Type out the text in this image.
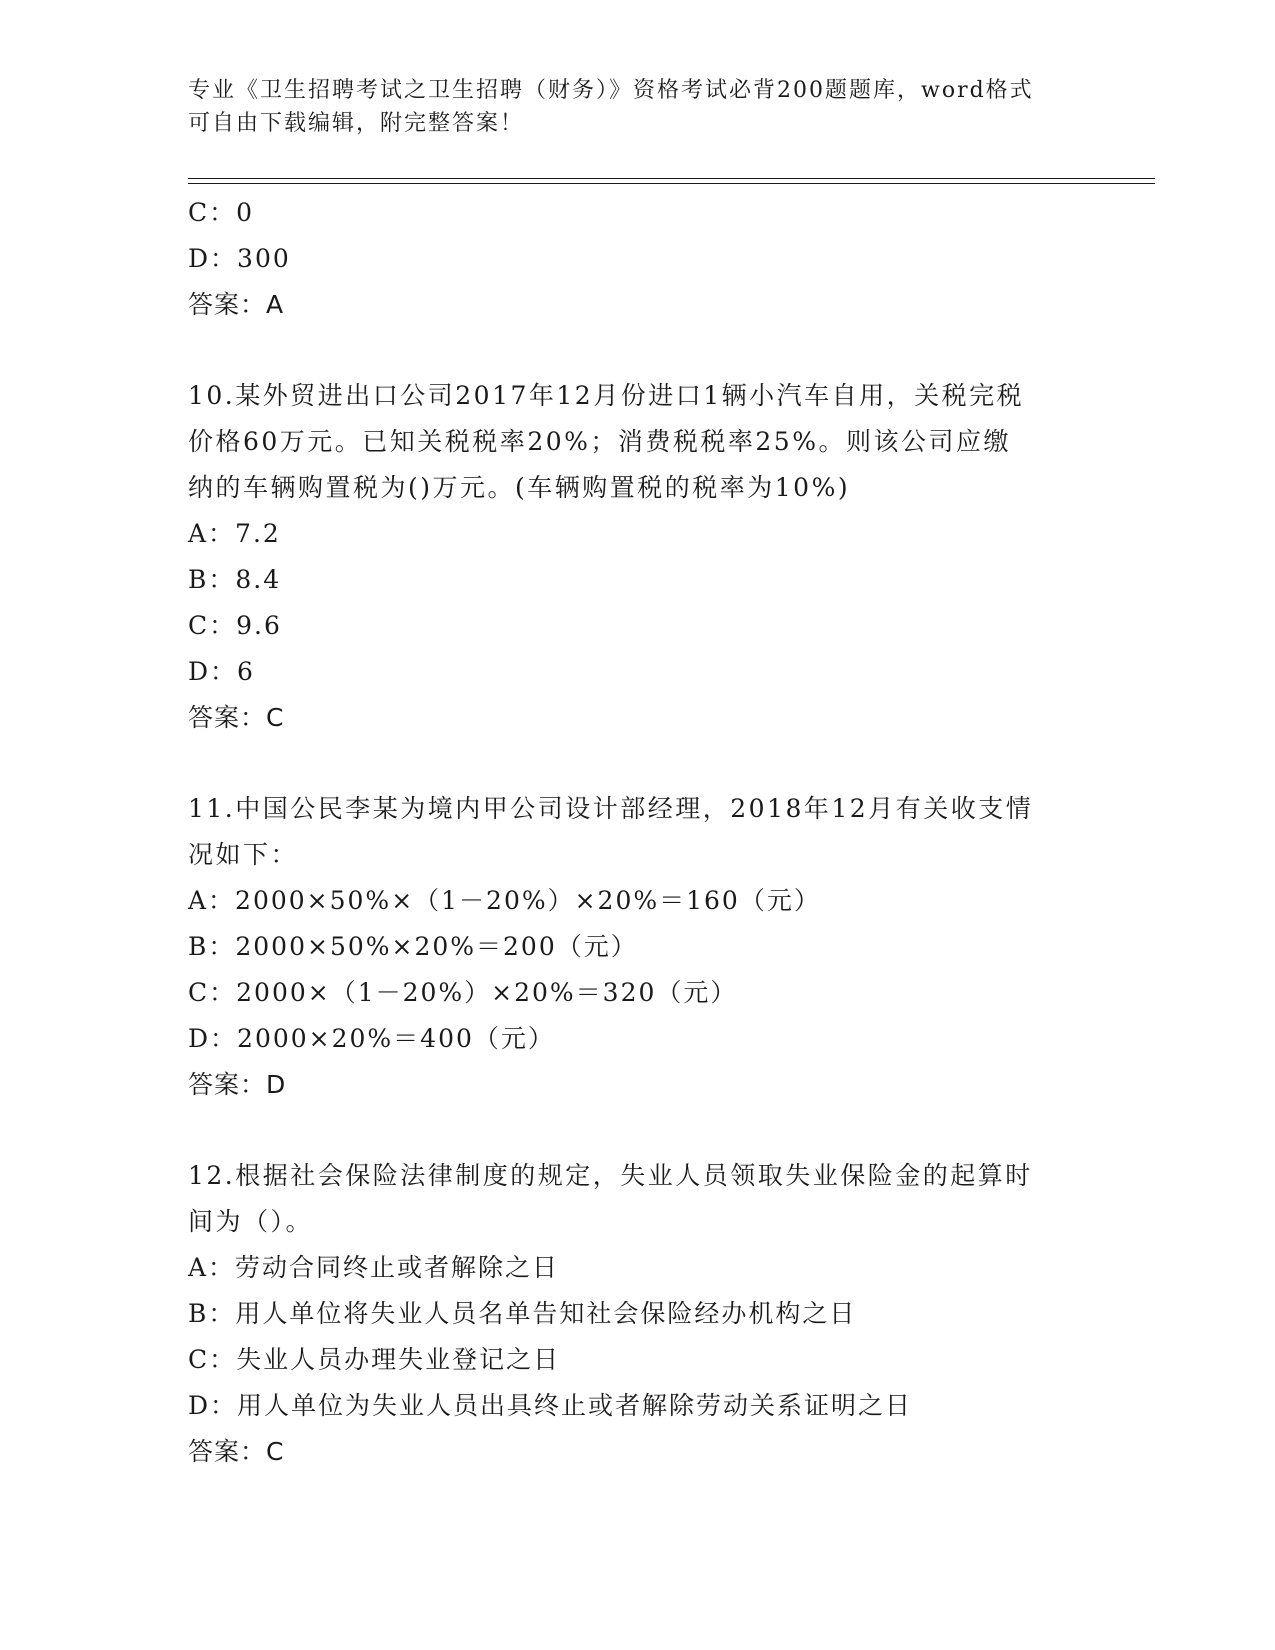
专业《卫生招聘考试之卫生招聘（财务）》资格考试必背200题题库，word格式
可自由下载编辑，附完整答案！
C：0
D：300
答案：A
10.某外贸进出口公司2017年12月份进口1辆小汽车自用，关税完税
价格60万元。已知关税税率20%；消费税税率25%。则该公司应缴
纳的车辆购置税为()万元。(车辆购置税的税率为10%)
A：7.2
B：8.4
C：9.6
D：6
答案：C
11.中国公民李某为境内甲公司设计部经理，2018年12月有关收支情
况如下：
A：2000×50%×（1－20%）×20%＝160（元）
B：2000×50%×20%＝200（元）
C：2000×（1－20%）×20%＝320（元）
D：2000×20%＝400（元）
答案：D
12.根据社会保险法律制度的规定，失业人员领取失业保险金的起算时
间为（）。
A：劳动合同终止或者解除之日
B：用人单位将失业人员名单告知社会保险经办机构之日
C：失业人员办理失业登记之日
D：用人单位为失业人员出具终止或者解除劳动关系证明之日
答案：C
